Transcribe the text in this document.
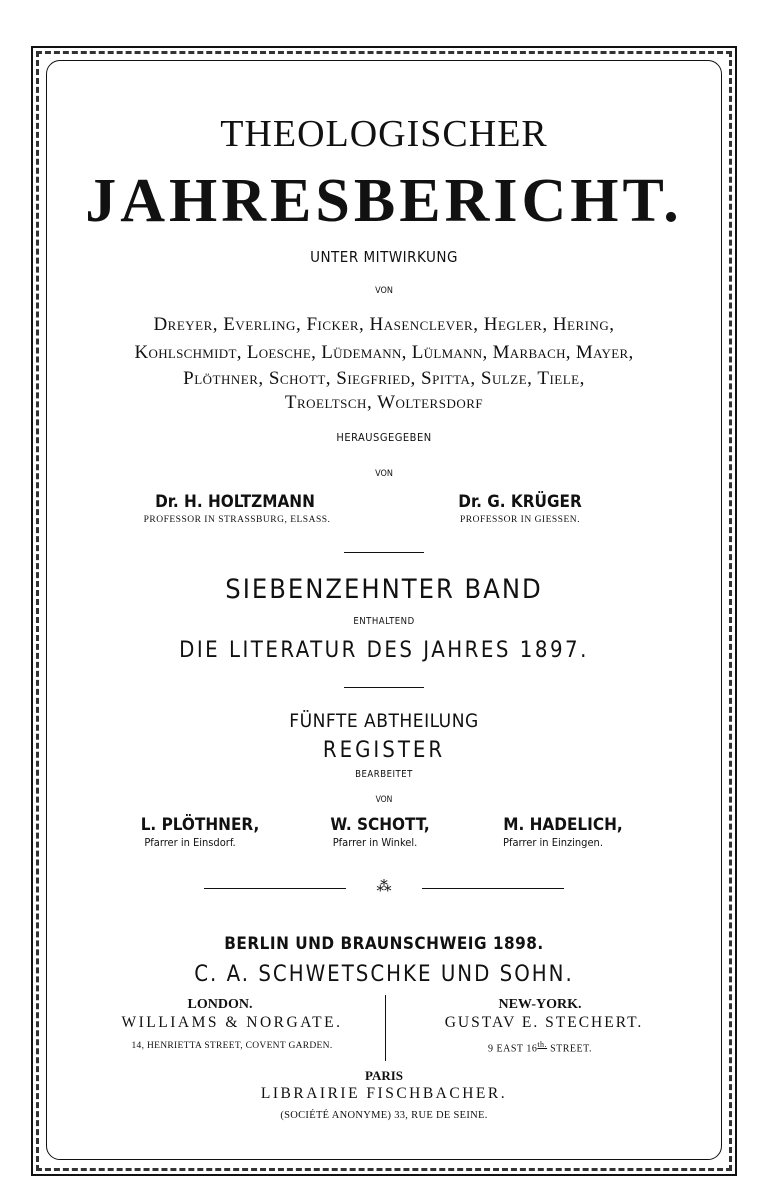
THEOLOGISCHER
JAHRESBERICHT.
UNTER MITWIRKUNG
VON
Dreyer, Everling, Ficker, Hasenclever, Hegler, Hering,
Kohlschmidt, Loesche, Lüdemann, Lülmann, Marbach, Mayer,
Plöthner, Schott, Siegfried, Spitta, Sulze, Tiele,
Troeltsch, Woltersdorf
HERAUSGEGEBEN
VON
Dr. H. HOLTZMANN
PROFESSOR IN STRASSBURG, ELSASS.
Dr. G. KRÜGER
PROFESSOR IN GIESSEN.
SIEBENZEHNTER BAND
ENTHALTEND
DIE LITERATUR DES JAHRES 1897.
FÜNFTE ABTHEILUNG
REGISTER
BEARBEITET
VON
L. PLÖTHNER,
Pfarrer in Einsdorf.
W. SCHOTT,
Pfarrer in Winkel.
M. HADELICH,
Pfarrer in Einzingen.
⁂
BERLIN UND BRAUNSCHWEIG 1898.
C. A. SCHWETSCHKE UND SOHN.
LONDON.
WILLIAMS & NORGATE.
14, HENRIETTA STREET, COVENT GARDEN.
NEW-YORK.
GUSTAV E. STECHERT.
9 EAST $16^{th.}$ STREET.
PARIS
LIBRAIRIE FISCHBACHER.
(SOCIÉTÉ ANONYME) 33, RUE DE SEINE.
